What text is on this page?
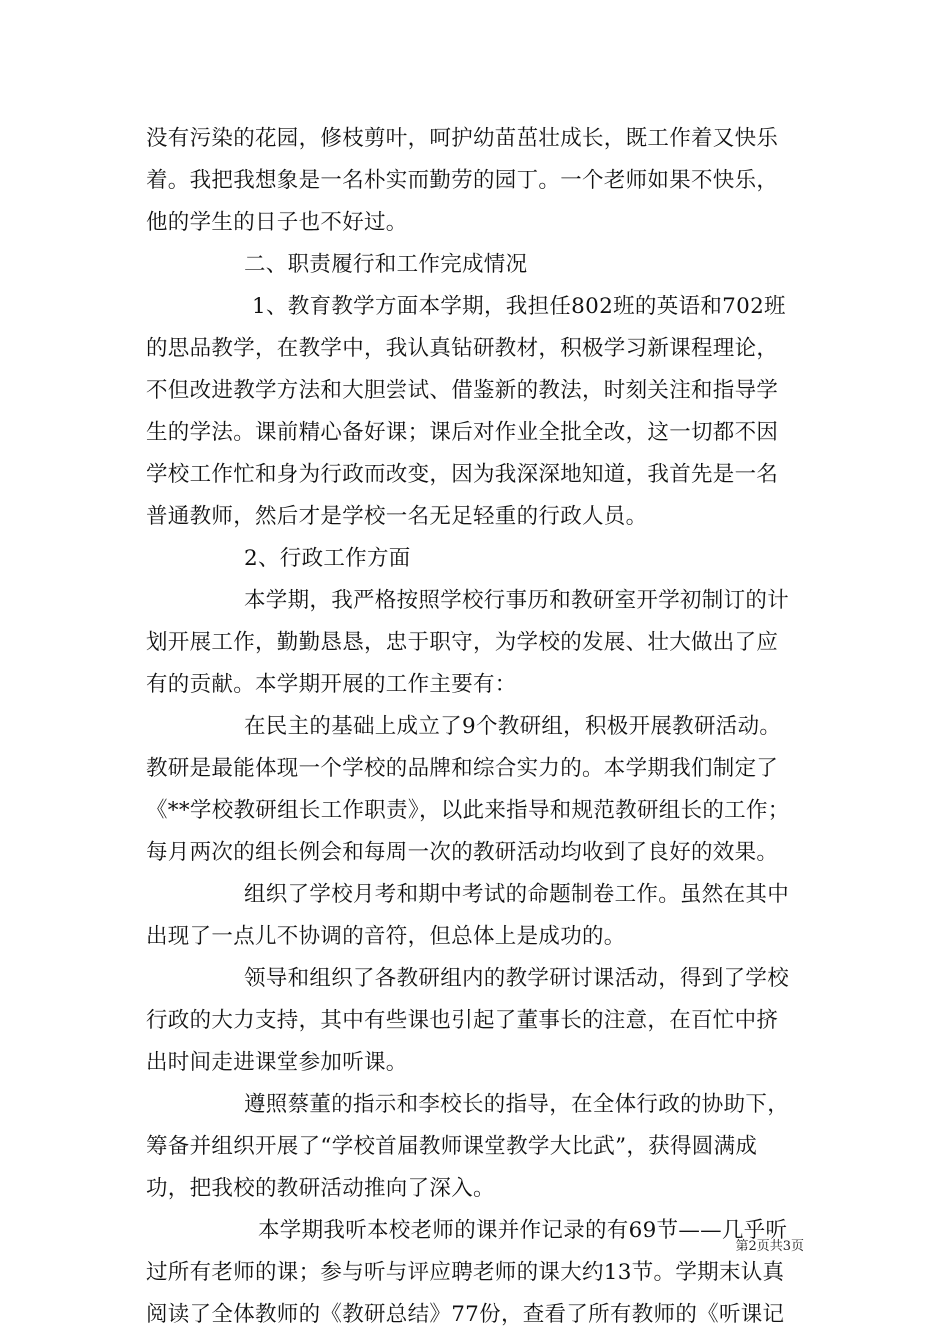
没有污染的花园，修枝剪叶，呵护幼苗茁壮成长，既工作着又快乐
着。我把我想象是一名朴实而勤劳的园丁。一个老师如果不快乐，
他的学生的日子也不好过。
二、职责履行和工作完成情况
1、教育教学方面本学期，我担任802班的英语和702班
的思品教学，在教学中，我认真钻研教材，积极学习新课程理论，
不但改进教学方法和大胆尝试、借鉴新的教法，时刻关注和指导学
生的学法。课前精心备好课；课后对作业全批全改，这一切都不因
学校工作忙和身为行政而改变，因为我深深地知道，我首先是一名
普通教师，然后才是学校一名无足轻重的行政人员。
2、行政工作方面
本学期，我严格按照学校行事历和教研室开学初制订的计
划开展工作，勤勤恳恳，忠于职守，为学校的发展、壮大做出了应
有的贡献。本学期开展的工作主要有：
在民主的基础上成立了9个教研组，积极开展教研活动。
教研是最能体现一个学校的品牌和综合实力的。本学期我们制定了
《**学校教研组长工作职责》，以此来指导和规范教研组长的工作；
每月两次的组长例会和每周一次的教研活动均收到了良好的效果。
组织了学校月考和期中考试的命题制卷工作。虽然在其中
出现了一点儿不协调的音符，但总体上是成功的。
领导和组织了各教研组内的教学研讨课活动，得到了学校
行政的大力支持，其中有些课也引起了董事长的注意，在百忙中挤
出时间走进课堂参加听课。
遵照蔡董的指示和李校长的指导，在全体行政的协助下，
筹备并组织开展了“学校首届教师课堂教学大比武”，获得圆满成
功，把我校的教研活动推向了深入。
本学期我听本校老师的课并作记录的有69节——几乎听
过所有老师的课；参与听与评应聘老师的课大约13节。学期末认真
阅读了全体教师的《教研总结》77份，查看了所有教师的《听课记
第2页共3页
